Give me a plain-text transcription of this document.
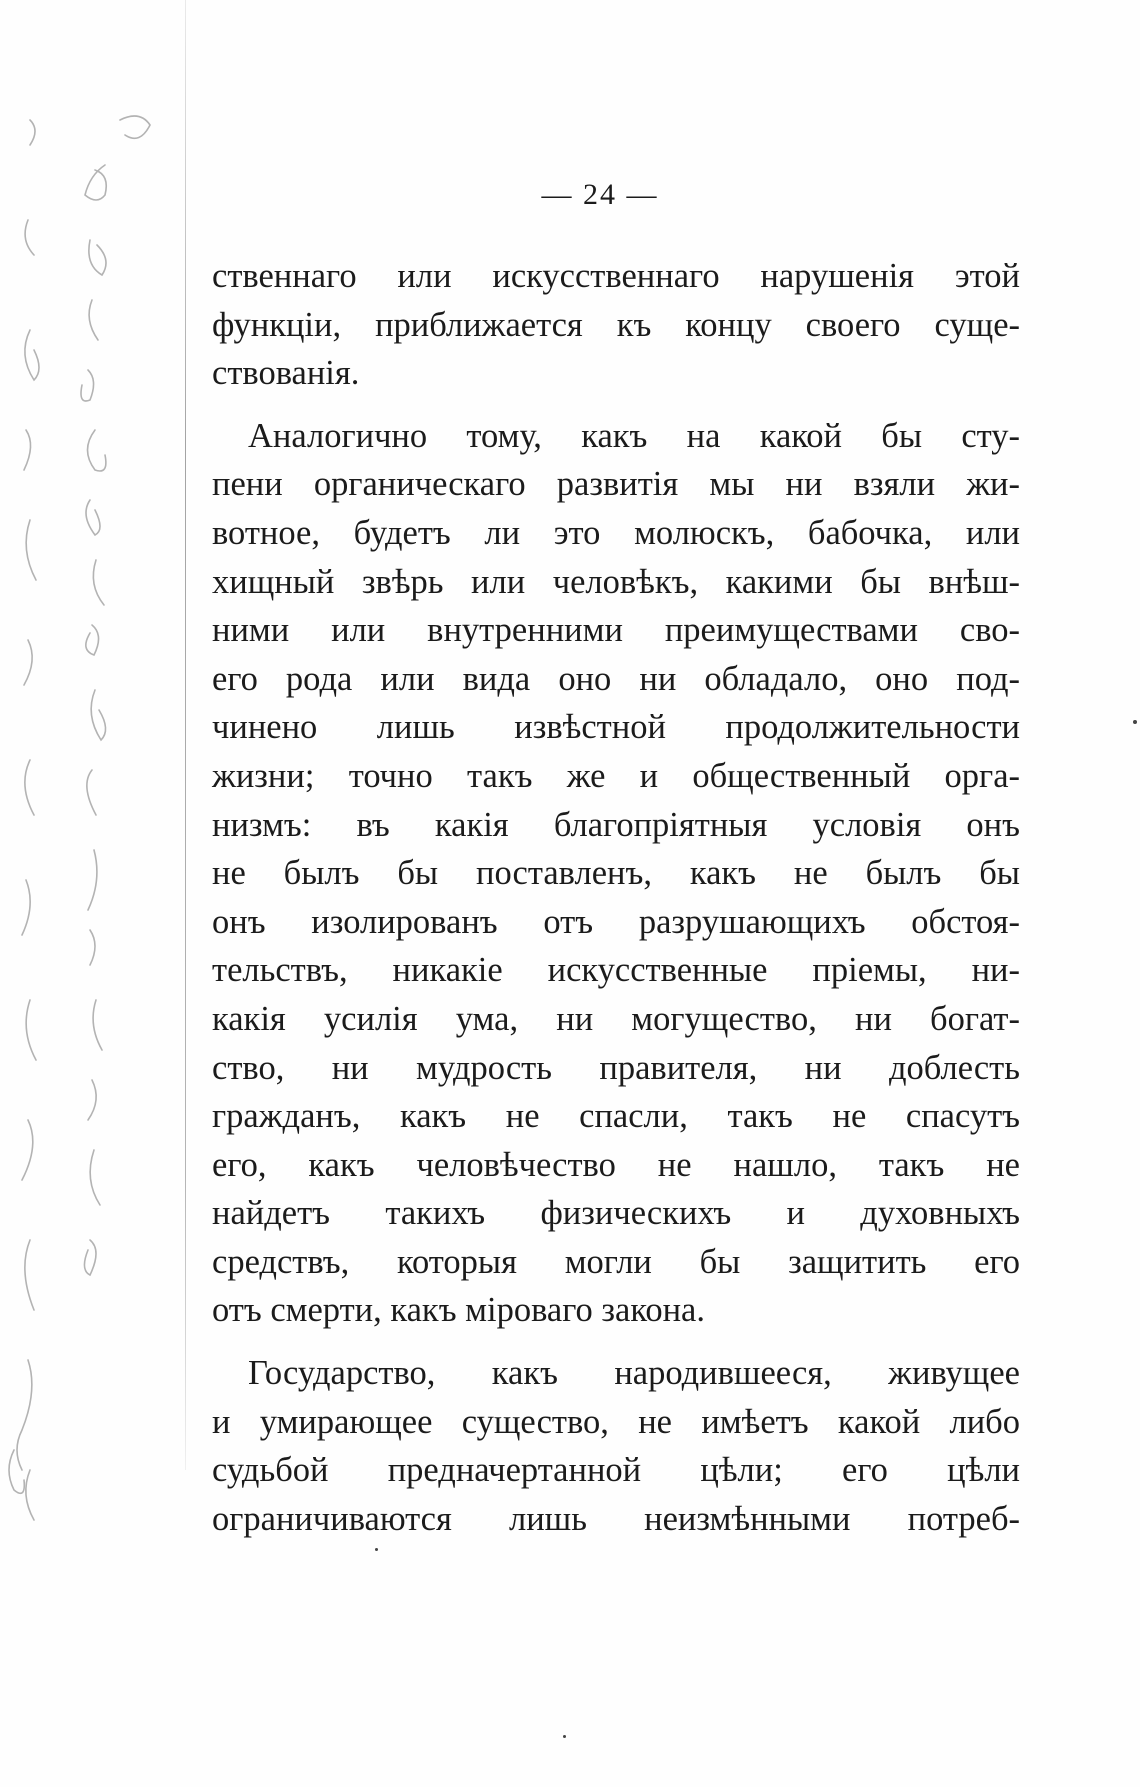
— 24 —
ственнаго или искусственнаго нарушенія этой
функціи, приближается къ концу своего суще-
ствованія.
Аналогично тому, какъ на какой бы сту-
пени органическаго развитія мы ни взяли жи-
вотное, будетъ ли это молюскъ, бабочка, или
хищный звѣрь или человѣкъ, какими бы внѣш-
ними или внутренними преимуществами сво-
его рода или вида оно ни обладало, оно под-
чинено лишь извѣстной продолжительности
жизни; точно такъ же и общественный орга-
низмъ: въ какія благопріятныя условія онъ
не былъ бы поставленъ, какъ не былъ бы
онъ изолированъ отъ разрушающихъ обстоя-
тельствъ, никакіе искусственные пріемы, ни-
какія усилія ума, ни могущество, ни богат-
ство, ни мудрость правителя, ни доблесть
гражданъ, какъ не спасли, такъ не спасутъ
его, какъ человѣчество не нашло, такъ не
найдетъ такихъ физическихъ и духовныхъ
средствъ, которыя могли бы защитить его
отъ смерти, какъ міроваго закона.
Государство, какъ народившееся, живущее
и умирающее существо, не имѣетъ какой либо
судьбой предначертанной цѣли; его цѣли
ограничиваются лишь неизмѣнными потреб-
